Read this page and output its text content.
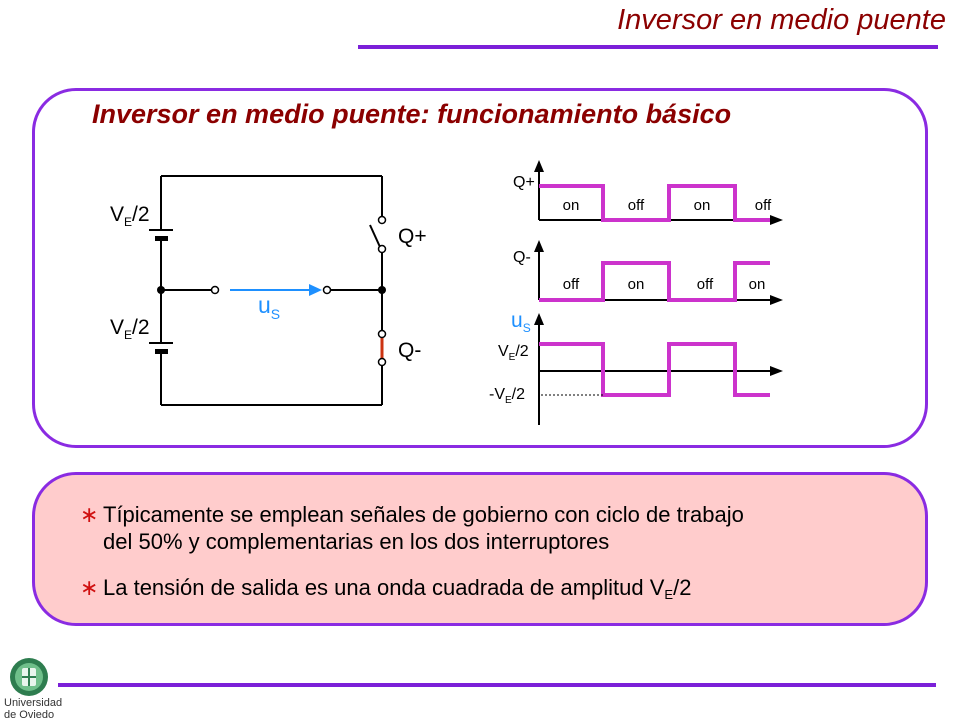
Inversor en medio puente
Inversor en medio puente: funcionamiento básico
$V_E/2$
$V_E/2$
Q+
Q-
$u_S$
Q+
Q-
$u_S$
$V_E/2$
$-V_E/2$
on	off	on	off
off	on	off on
∗ Típicamente se emplean señales de gobierno con ciclo de trabajo
del 50% y complementarias en los dos interruptores
∗ La tensión de salida es una onda cuadrada de amplitud $V_E/2$
Universidad
de Oviedo
